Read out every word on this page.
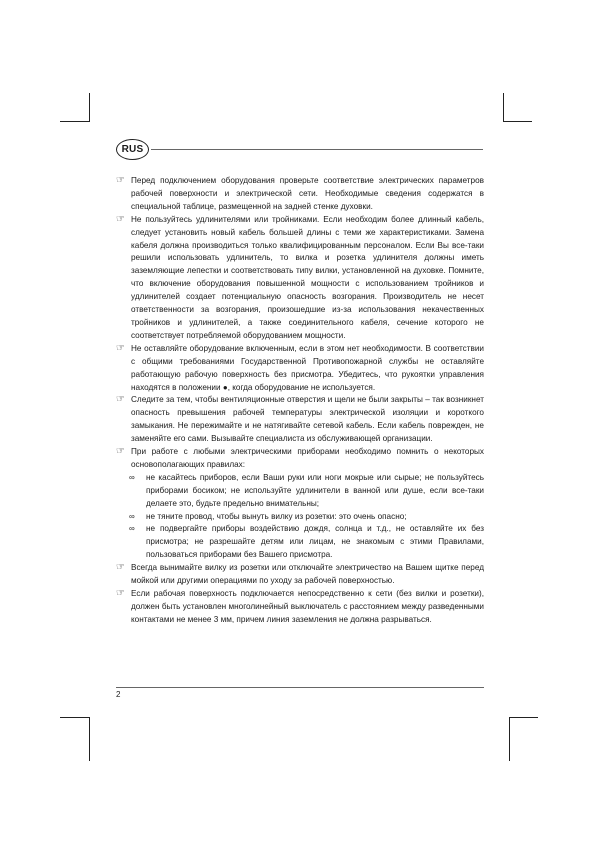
RUS
☞ Перед подключением оборудования проверьте соответствие электрических параметров рабочей поверхности и электрической сети. Необходимые сведения содержатся в специальной таблице, размещенной на задней стенке духовки.
☞ Не пользуйтесь удлинителями или тройниками. Если необходим более длинный кабель, следует установить новый кабель большей длины с теми же характеристиками. Замена кабеля должна производиться только квалифицированным персоналом. Если Вы все-таки решили использовать удлинитель, то вилка и розетка удлинителя должны иметь заземляющие лепестки и соответствовать типу вилки, установленной на духовке. Помните, что включение оборудования повышенной мощности с использованием тройников и удлинителей создает потенциальную опасность возгорания. Производитель не несет ответственности за возгорания, произошедшие из-за использования некачественных тройников и удлинителей, а также соединительного кабеля, сечение которого не соответствует потребляемой оборудованием мощности.
☞ Не оставляйте оборудование включенным, если в этом нет необходимости. В соответствии с общими требованиями Государственной Противопожарной службы не оставляйте работающую рабочую поверхность без присмотра. Убедитесь, что рукоятки управления находятся в положении ●, когда оборудование не используется.
☞ Следите за тем, чтобы вентиляционные отверстия и щели не были закрыты – так возникнет опасность превышения рабочей температуры электрической изоляции и короткого замыкания. Не пережимайте и не натягивайте сетевой кабель. Если кабель поврежден, не заменяйте его сами. Вызывайте специалиста из обслуживающей организации.
☞ При работе с любыми электрическими приборами необходимо помнить о некоторых основополагающих правилах:
∞ не касайтесь приборов, если Ваши руки или ноги мокрые или сырые; не пользуйтесь приборами босиком; не используйте удлинители в ванной или душе, если все-таки делаете это, будьте предельно внимательны;
∞ не тяните провод, чтобы вынуть вилку из розетки: это очень опасно;
∞ не подвергайте приборы воздействию дождя, солнца и т.д., не оставляйте их без присмотра; не разрешайте детям или лицам, не знакомым с этими Правилами, пользоваться приборами без Вашего присмотра.
☞ Всегда вынимайте вилку из розетки или отключайте электричество на Вашем щитке перед мойкой или другими операциями по уходу за рабочей поверхностью.
☞ Если рабочая поверхность подключается непосредственно к сети (без вилки и розетки), должен быть установлен многолинейный выключатель с расстоянием между разведенными контактами не менее 3 мм, причем линия заземления не должна разрываться.
2
